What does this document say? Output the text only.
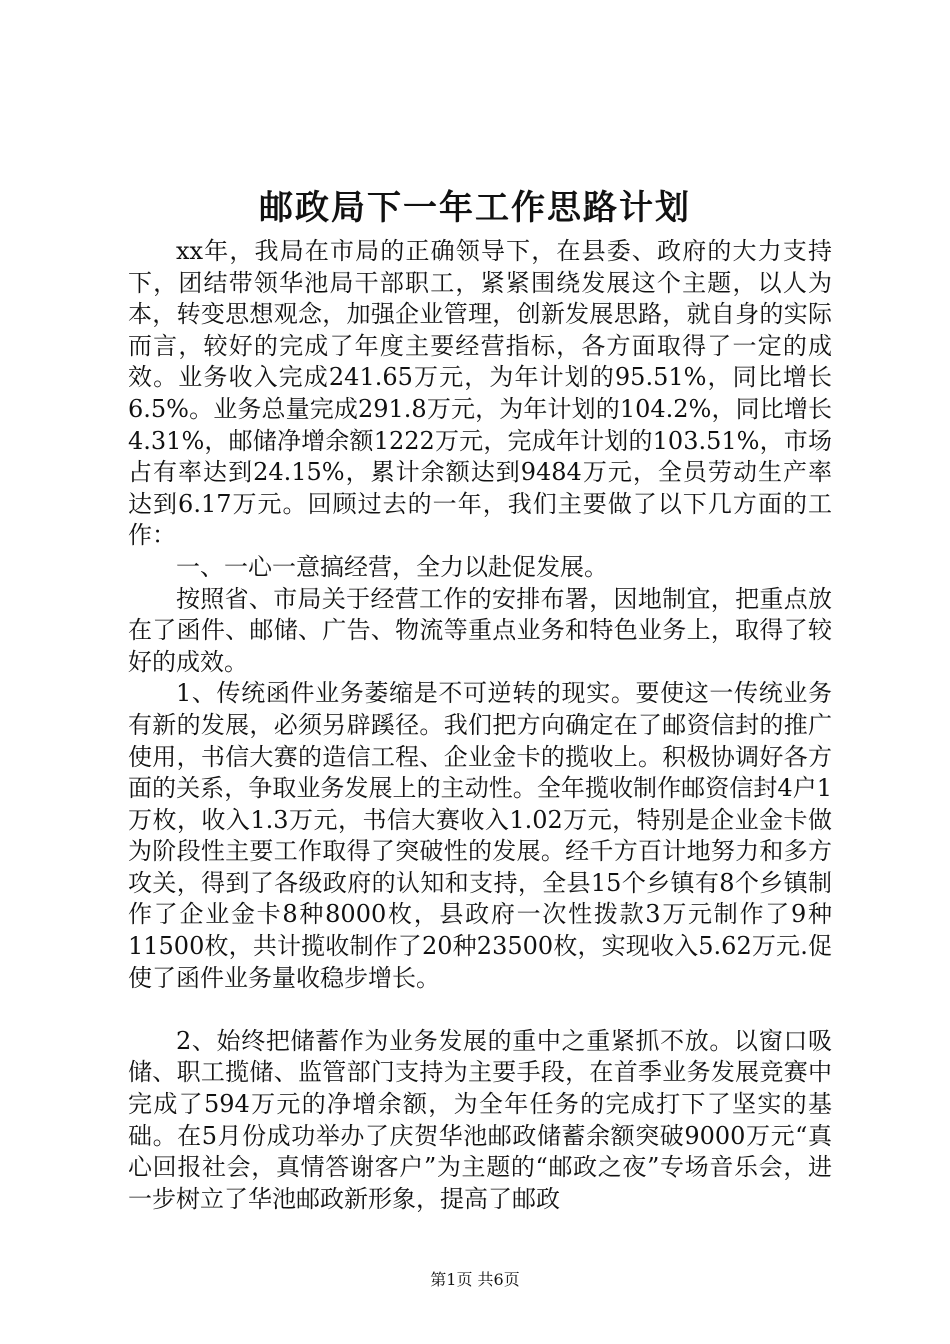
邮政局下一年工作思路计划

xx年，我局在市局的正确领导下，在县委、政府的大力支持下，团结带领华池局干部职工，紧紧围绕发展这个主题，以人为本，转变思想观念，加强企业管理，创新发展思路，就自身的实际而言，较好的完成了年度主要经营指标，各方面取得了一定的成效。业务收入完成241.65万元，为年计划的95.51%，同比增长6.5%。业务总量完成291.8万元，为年计划的104.2%，同比增长4.31%，邮储净增余额1222万元，完成年计划的103.51%，市场占有率达到24.15%，累计余额达到9484万元，全员劳动生产率达到6.17万元。回顾过去的一年，我们主要做了以下几方面的工作：

一、一心一意搞经营，全力以赴促发展。

按照省、市局关于经营工作的安排布署，因地制宜，把重点放在了函件、邮储、广告、物流等重点业务和特色业务上，取得了较好的成效。

1、传统函件业务萎缩是不可逆转的现实。要使这一传统业务有新的发展，必须另辟蹊径。我们把方向确定在了邮资信封的推广使用，书信大赛的造信工程、企业金卡的揽收上。积极协调好各方面的关系，争取业务发展上的主动性。全年揽收制作邮资信封4户1万枚，收入1.3万元，书信大赛收入1.02万元，特别是企业金卡做为阶段性主要工作取得了突破性的发展。经千方百计地努力和多方攻关，得到了各级政府的认知和支持，全县15个乡镇有8个乡镇制作了企业金卡8种8000枚，县政府一次性拨款3万元制作了9种11500枚，共计揽收制作了20种23500枚，实现收入5.62万元.促使了函件业务量收稳步增长。

2、始终把储蓄作为业务发展的重中之重紧抓不放。以窗口吸储、职工揽储、监管部门支持为主要手段，在首季业务发展竞赛中完成了594万元的净增余额，为全年任务的完成打下了坚实的基础。在5月份成功举办了庆贺华池邮政储蓄余额突破9000万元“真心回报社会，真情答谢客户”为主题的“邮政之夜”专场音乐会，进一步树立了华池邮政新形象，提高了邮政

第1页 共6页
